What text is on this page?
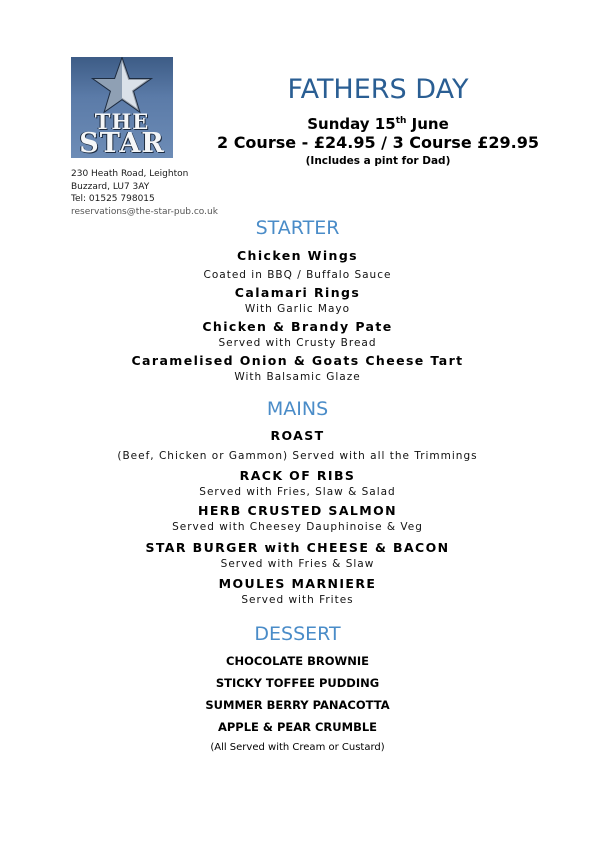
THE
STAR
230 Heath Road, Leighton
Buzzard, LU7 3AY
Tel: 01525 798015
reservations@the-star-pub.co.uk
FATHERS DAY
Sunday 15th June
2 Course - £24.95 / 3 Course £29.95
(Includes a pint for Dad)
STARTER
Chicken Wings
Coated in BBQ / Buffalo Sauce
Calamari Rings
With Garlic Mayo
Chicken & Brandy Pate
Served with Crusty Bread
Caramelised Onion & Goats Cheese Tart
With Balsamic Glaze
MAINS
ROAST
(Beef, Chicken or Gammon) Served with all the Trimmings
RACK OF RIBS
Served with Fries, Slaw & Salad
HERB CRUSTED SALMON
Served with Cheesey Dauphinoise & Veg
STAR BURGER with CHEESE & BACON
Served with Fries & Slaw
MOULES MARNIERE
Served with Frites
DESSERT
CHOCOLATE BROWNIE
STICKY TOFFEE PUDDING
SUMMER BERRY PANACOTTA
APPLE & PEAR CRUMBLE
(All Served with Cream or Custard)
